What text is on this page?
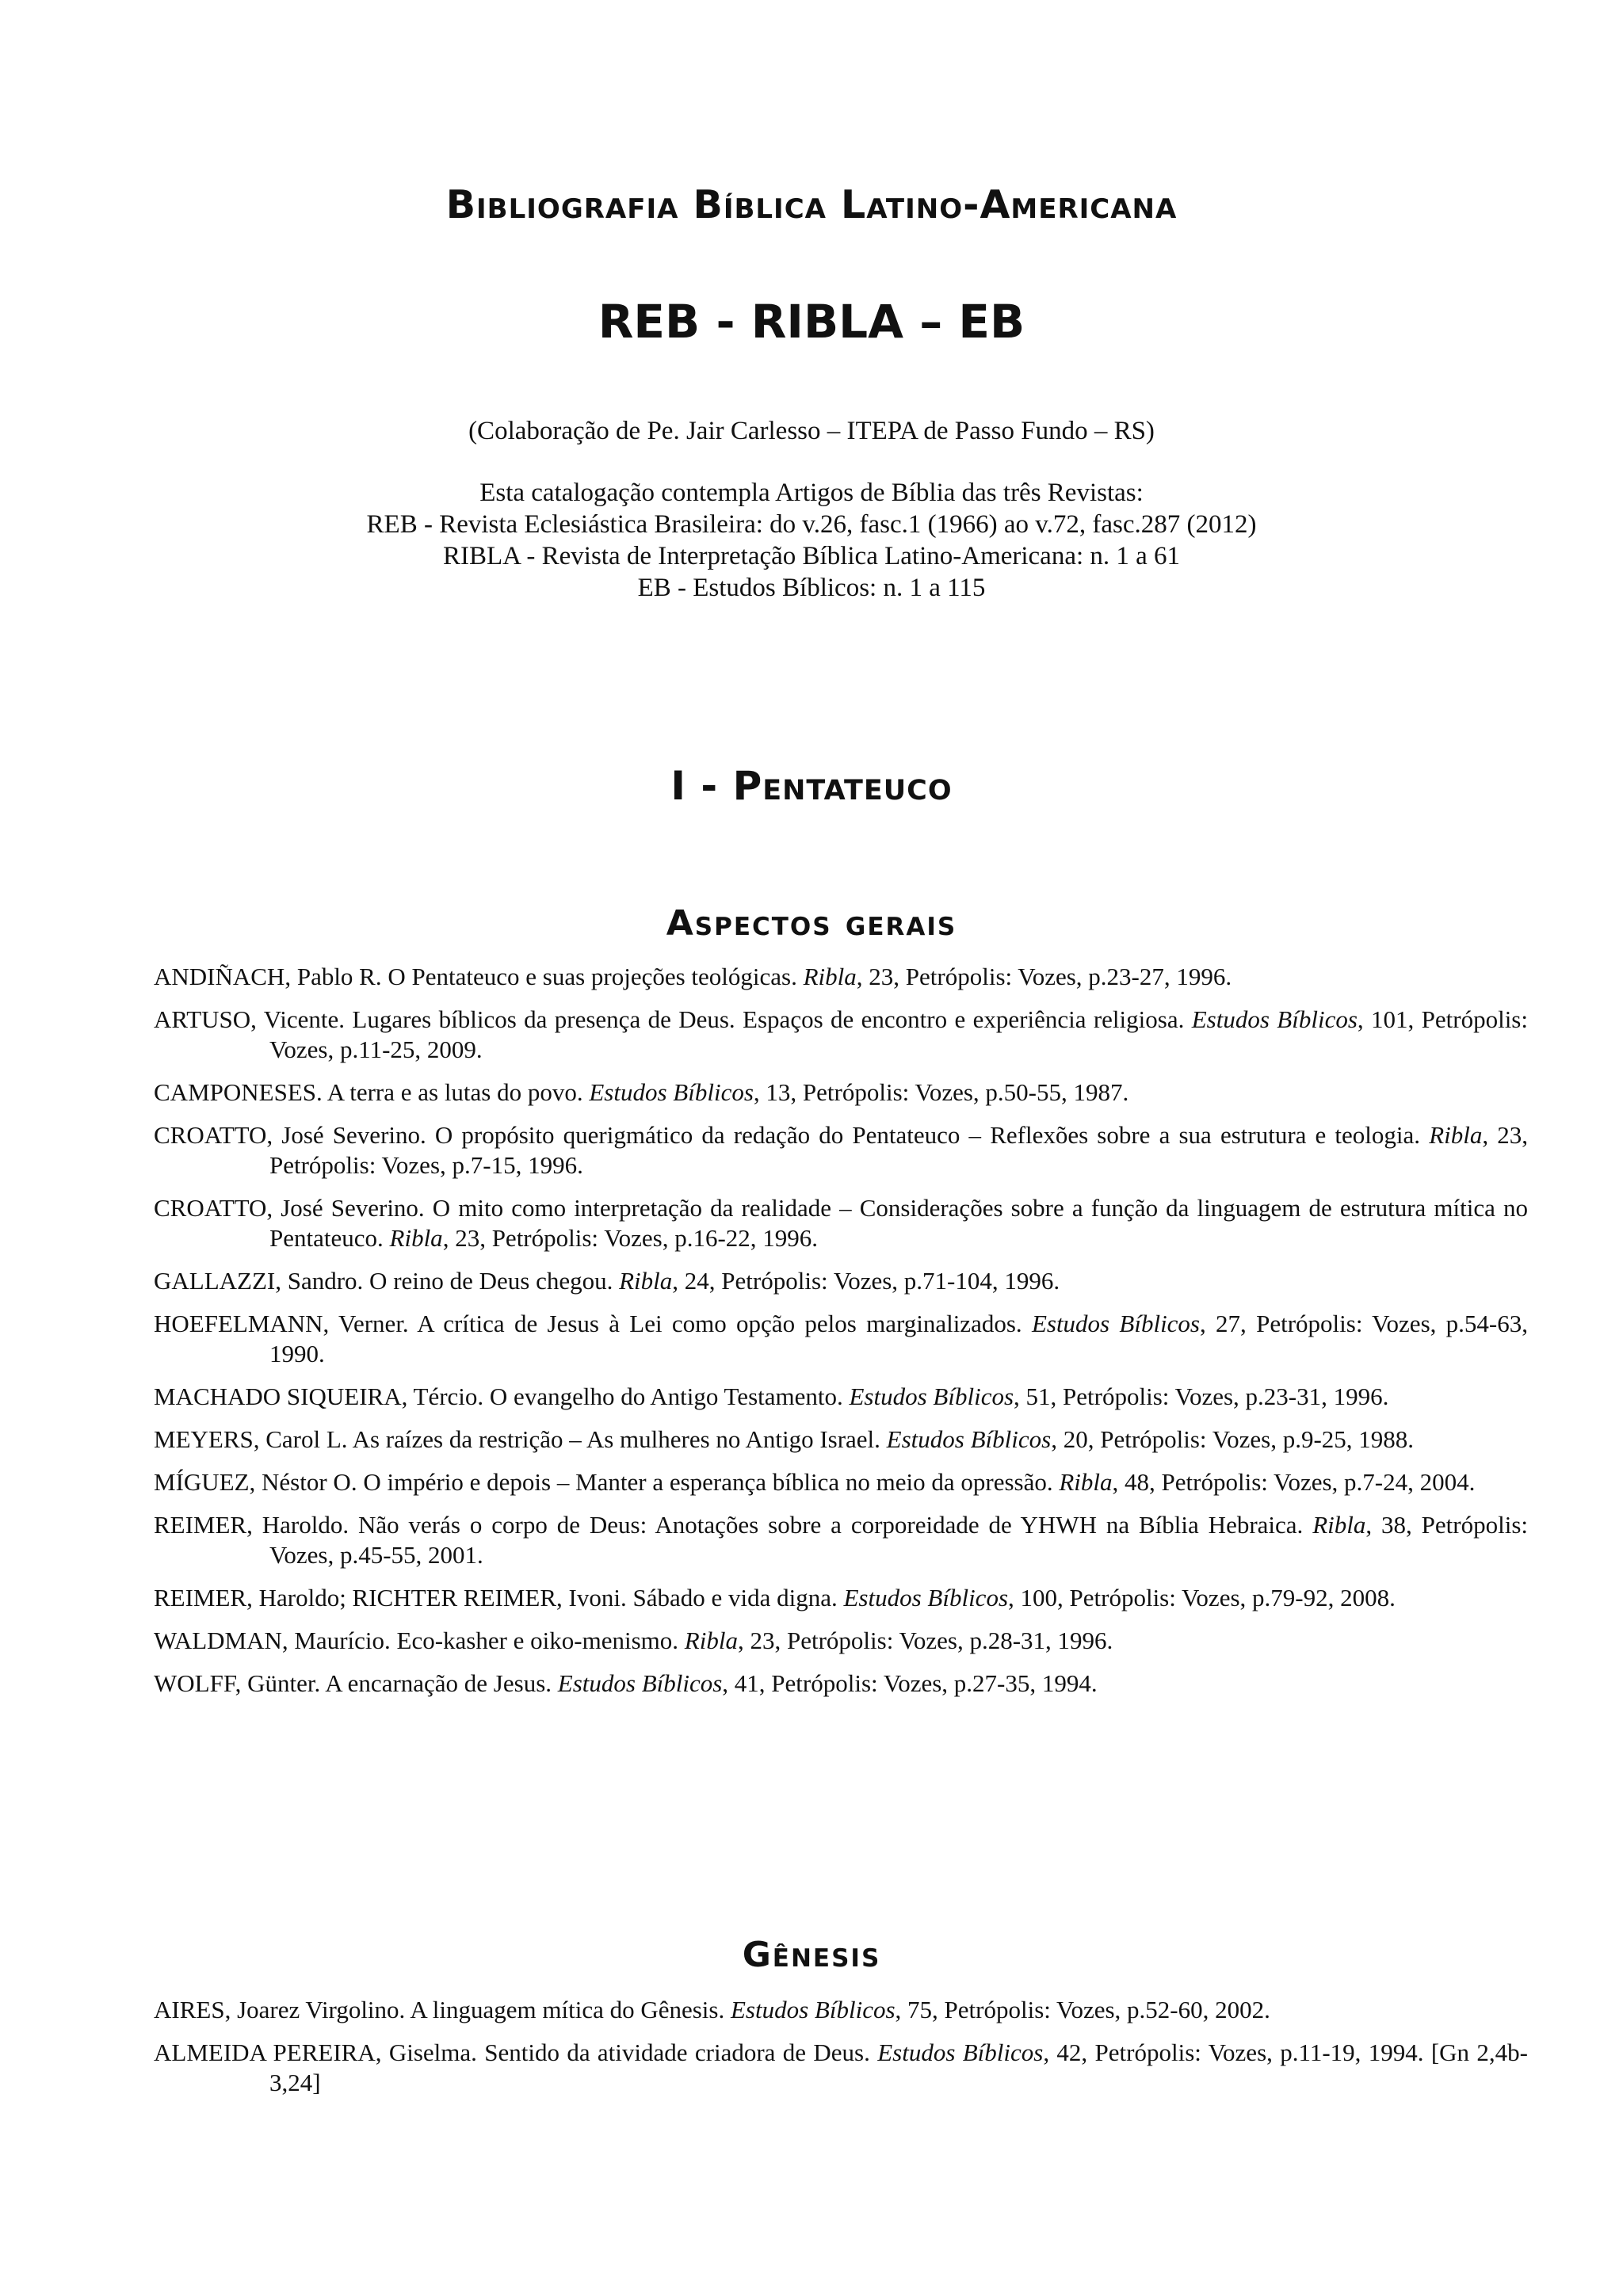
Bibliografia Bíblica Latino-Americana
REB - RIBLA – EB
(Colaboração de Pe. Jair Carlesso – ITEPA de Passo Fundo – RS)
Esta catalogação contempla Artigos de Bíblia das três Revistas:
REB - Revista Eclesiástica Brasileira: do v.26, fasc.1 (1966) ao v.72, fasc.287 (2012)
RIBLA - Revista de Interpretação Bíblica Latino-Americana: n. 1 a 61
EB - Estudos Bíblicos: n. 1 a 115
I - Pentateuco
Aspectos gerais

ANDIÑACH, Pablo R. O Pentateuco e suas projeções teológicas. Ribla, 23, Petrópolis: Vozes, p.23-27, 1996.

ARTUSO, Vicente. Lugares bíblicos da presença de Deus. Espaços de encontro e experiência religiosa. Estudos Bíblicos, 101, Petrópolis: Vozes, p.11-25, 2009.

CAMPONESES. A terra e as lutas do povo. Estudos Bíblicos, 13, Petrópolis: Vozes, p.50-55, 1987.

CROATTO, José Severino. O propósito querigmático da redação do Pentateuco – Reflexões sobre a sua estrutura e teologia. Ribla, 23, Petrópolis: Vozes, p.7-15, 1996.

CROATTO, José Severino. O mito como interpretação da realidade – Considerações sobre a função da linguagem de estrutura mítica no Pentateuco. Ribla, 23, Petrópolis: Vozes, p.16-22, 1996.

GALLAZZI, Sandro. O reino de Deus chegou. Ribla, 24, Petrópolis: Vozes, p.71-104, 1996.

HOEFELMANN, Verner. A crítica de Jesus à Lei como opção pelos marginalizados. Estudos Bíblicos, 27, Petrópolis: Vozes, p.54-63, 1990.

MACHADO SIQUEIRA, Tércio. O evangelho do Antigo Testamento. Estudos Bíblicos, 51, Petrópolis: Vozes, p.23-31, 1996.

MEYERS, Carol L. As raízes da restrição – As mulheres no Antigo Israel. Estudos Bíblicos, 20, Petrópolis: Vozes, p.9-25, 1988.

MÍGUEZ, Néstor O. O império e depois – Manter a esperança bíblica no meio da opressão. Ribla, 48, Petrópolis: Vozes, p.7-24, 2004.

REIMER, Haroldo. Não verás o corpo de Deus: Anotações sobre a corporeidade de YHWH na Bíblia Hebraica. Ribla, 38, Petrópolis: Vozes, p.45-55, 2001.

REIMER, Haroldo; RICHTER REIMER, Ivoni. Sábado e vida digna. Estudos Bíblicos, 100, Petrópolis: Vozes, p.79-92, 2008.

WALDMAN, Maurício. Eco-kasher e oiko-menismo. Ribla, 23, Petrópolis: Vozes, p.28-31, 1996.

WOLFF, Günter. A encarnação de Jesus. Estudos Bíblicos, 41, Petrópolis: Vozes, p.27-35, 1994.

Gênesis

AIRES, Joarez Virgolino. A linguagem mítica do Gênesis. Estudos Bíblicos, 75, Petrópolis: Vozes, p.52-60, 2002.

ALMEIDA PEREIRA, Giselma. Sentido da atividade criadora de Deus. Estudos Bíblicos, 42, Petrópolis: Vozes, p.11-19, 1994. [Gn 2,4b-3,24]
